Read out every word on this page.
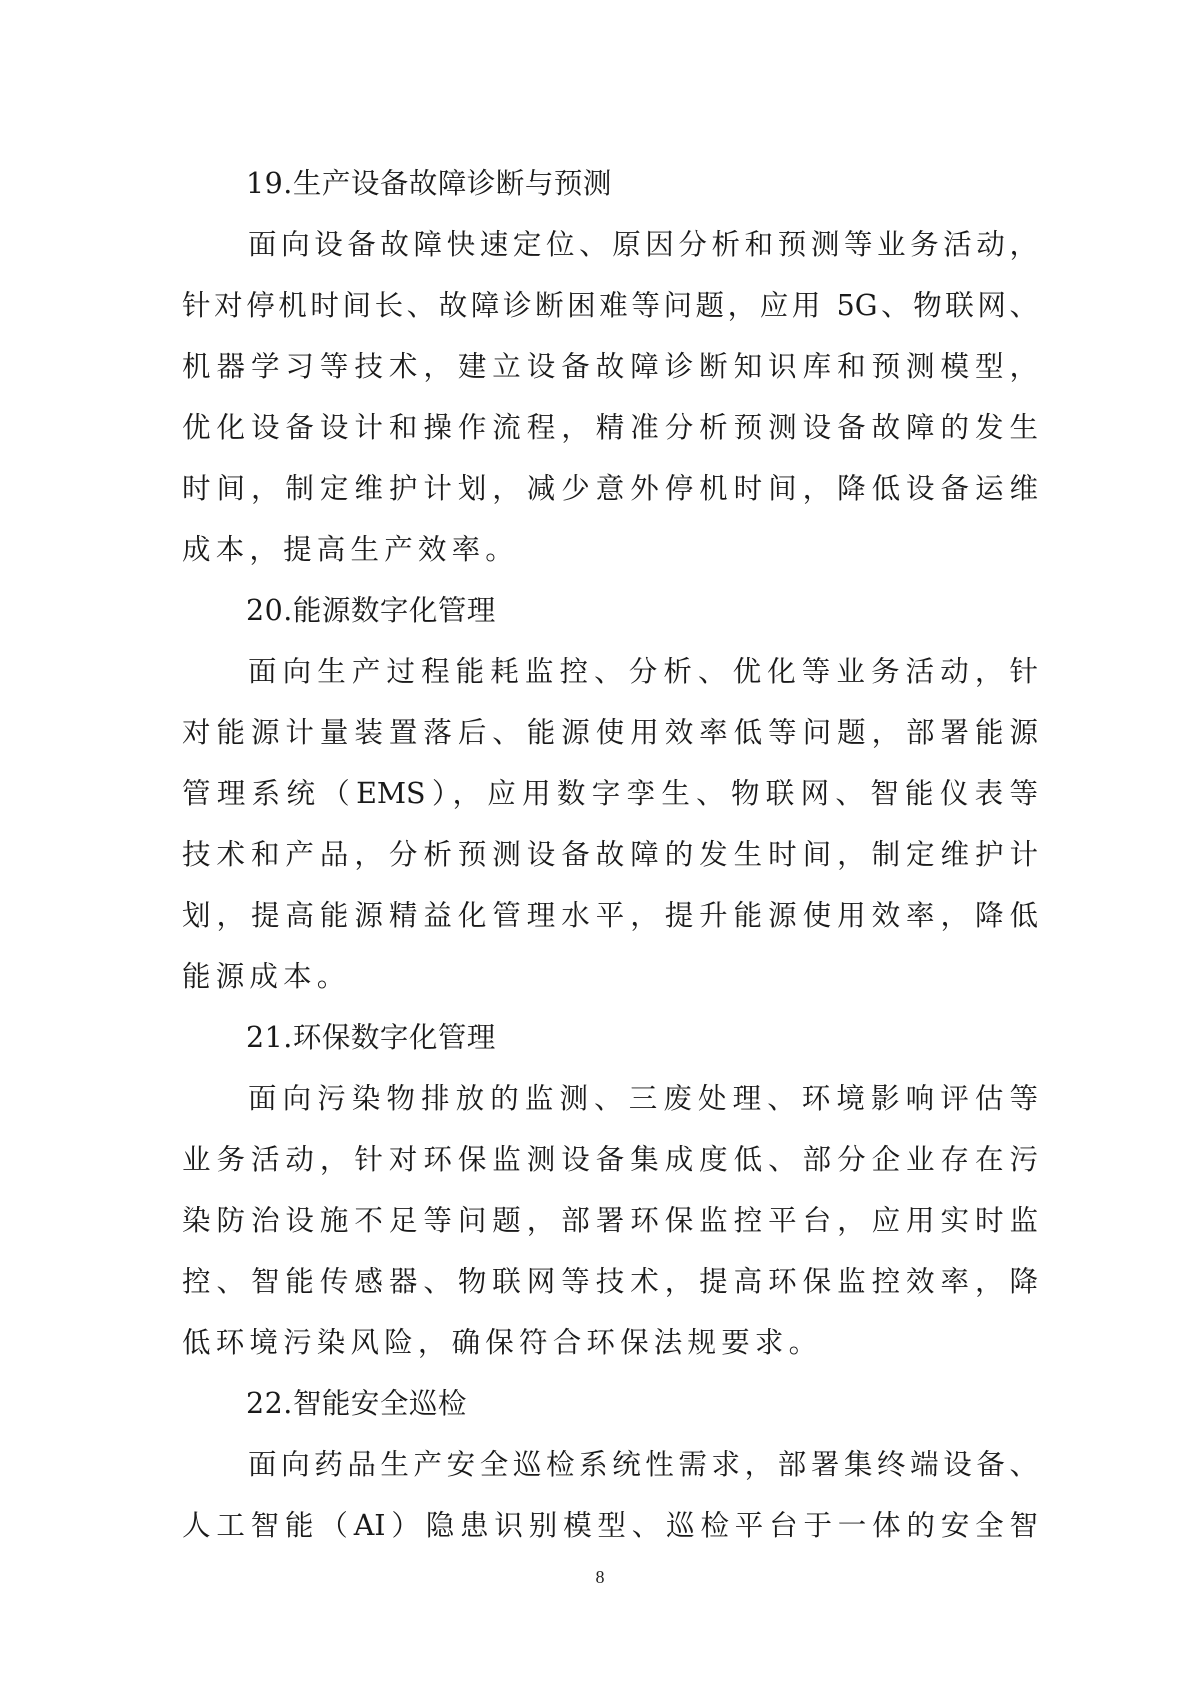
19.生产设备故障诊断与预测
面向设备故障快速定位、原因分析和预测等业务活动，
针对停机时间长、故障诊断困难等问题，应用 5G、物联网、
机器学习等技术，建立设备故障诊断知识库和预测模型，
优化设备设计和操作流程，精准分析预测设备故障的发生
时间，制定维护计划，减少意外停机时间，降低设备运维
成本，提高生产效率。
20.能源数字化管理
面向生产过程能耗监控、分析、优化等业务活动，针
对能源计量装置落后、能源使用效率低等问题，部署能源
管理系统（EMS），应用数字孪生、物联网、智能仪表等
技术和产品，分析预测设备故障的发生时间，制定维护计
划，提高能源精益化管理水平，提升能源使用效率，降低
能源成本。
21.环保数字化管理
面向污染物排放的监测、三废处理、环境影响评估等
业务活动，针对环保监测设备集成度低、部分企业存在污
染防治设施不足等问题，部署环保监控平台，应用实时监
控、智能传感器、物联网等技术，提高环保监控效率，降
低环境污染风险，确保符合环保法规要求。
22.智能安全巡检
面向药品生产安全巡检系统性需求，部署集终端设备、
人工智能（AI）隐患识别模型、巡检平台于一体的安全智
8
